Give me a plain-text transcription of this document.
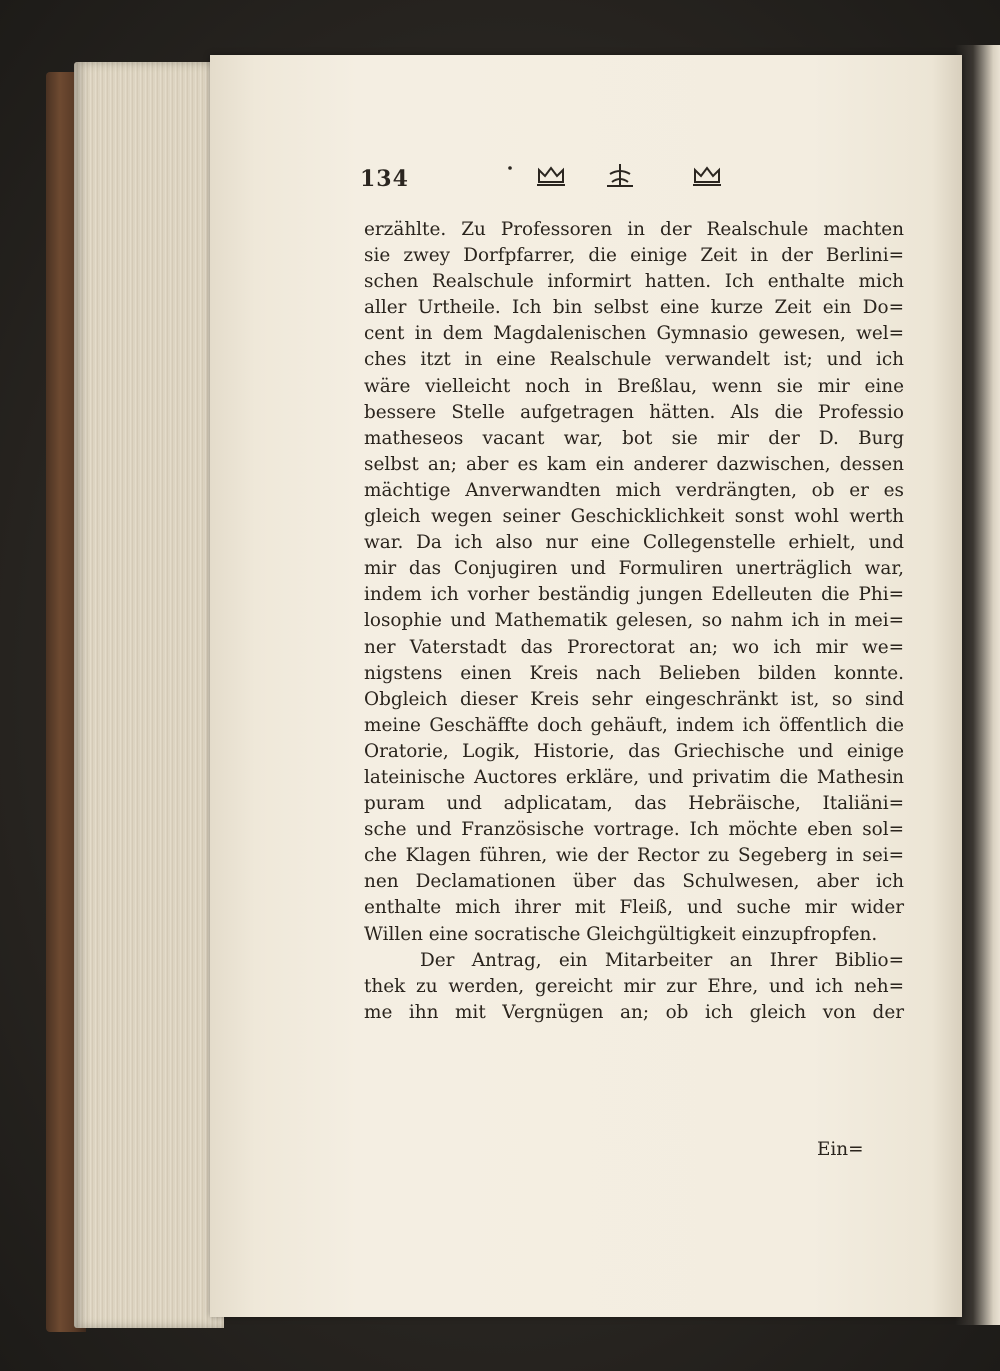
134
erzählte. Zu Professoren in der Realschule machten
sie zwey Dorfpfarrer, die einige Zeit in der Berlini=
schen Realschule informirt hatten. Ich enthalte mich
aller Urtheile. Ich bin selbst eine kurze Zeit ein Do=
cent in dem Magdalenischen Gymnasio gewesen, wel=
ches itzt in eine Realschule verwandelt ist; und ich
wäre vielleicht noch in Breßlau, wenn sie mir eine
bessere Stelle aufgetragen hätten. Als die Professio
matheseos vacant war, bot sie mir der D. Burg
selbst an; aber es kam ein anderer dazwischen, dessen
mächtige Anverwandten mich verdrängten, ob er es
gleich wegen seiner Geschicklichkeit sonst wohl werth
war. Da ich also nur eine Collegenstelle erhielt, und
mir das Conjugiren und Formuliren unerträglich war,
indem ich vorher beständig jungen Edelleuten die Phi=
losophie und Mathematik gelesen, so nahm ich in mei=
ner Vaterstadt das Prorectorat an; wo ich mir we=
nigstens einen Kreis nach Belieben bilden konnte.
Obgleich dieser Kreis sehr eingeschränkt ist, so sind
meine Geschäffte doch gehäuft, indem ich öffentlich die
Oratorie, Logik, Historie, das Griechische und einige
lateinische Auctores erkläre, und privatim die Mathesin
puram und adplicatam, das Hebräische, Italiäni=
sche und Französische vortrage. Ich möchte eben sol=
che Klagen führen, wie der Rector zu Segeberg in sei=
nen Declamationen über das Schulwesen, aber ich
enthalte mich ihrer mit Fleiß, und suche mir wider
Willen eine socratische Gleichgültigkeit einzupfropfen.
Der Antrag, ein Mitarbeiter an Ihrer Biblio=
thek zu werden, gereicht mir zur Ehre, und ich neh=
me ihn mit Vergnügen an; ob ich gleich von der
Ein=
